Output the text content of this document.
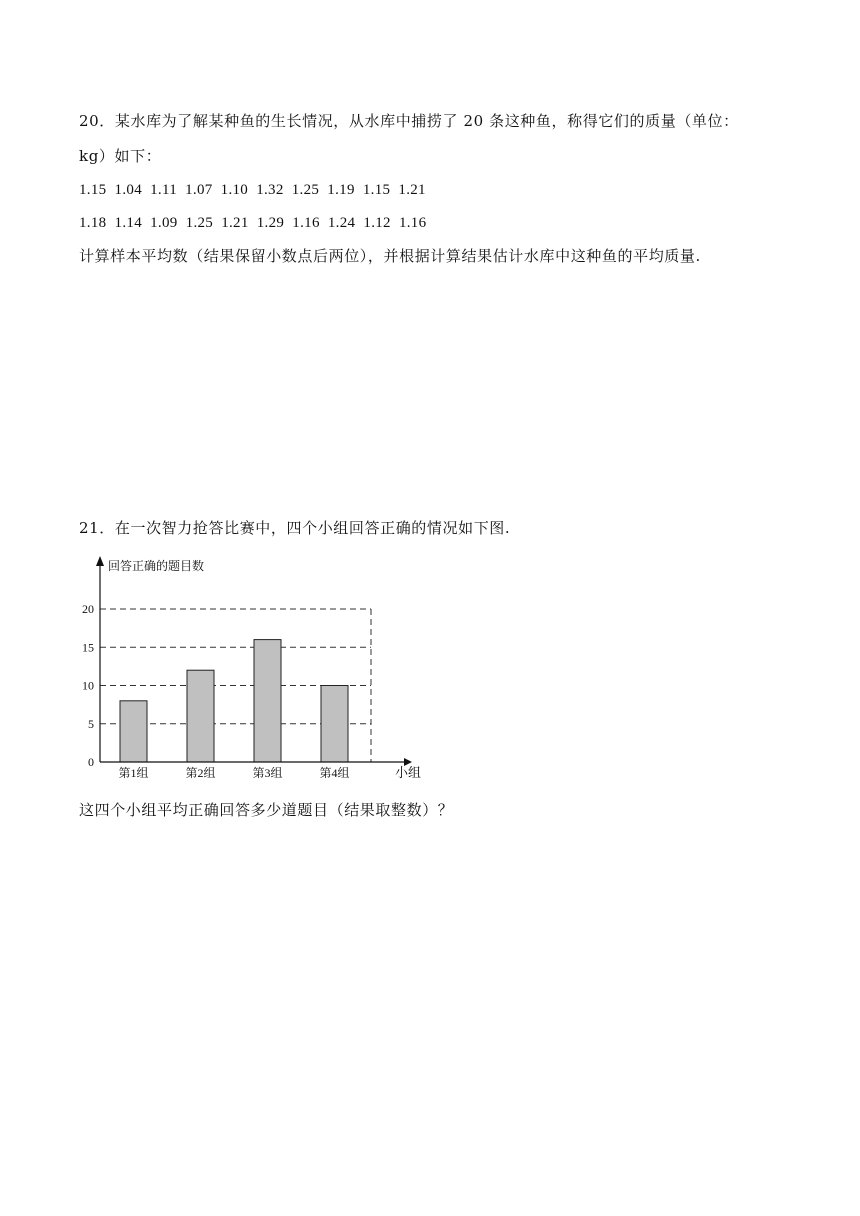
20．某水库为了解某种鱼的生长情况，从水库中捕捞了 20 条这种鱼，称得它们的质量（单位：
kg）如下：
1.15  1.04  1.11  1.07  1.10  1.32  1.25  1.19  1.15  1.21
1.18  1.14  1.09  1.25  1.21  1.29  1.16  1.24  1.12  1.16
计算样本平均数（结果保留小数点后两位），并根据计算结果估计水库中这种鱼的平均质量.
21．在一次智力抢答比赛中，四个小组回答正确的情况如下图.
0
5
10
15
20
第1组	第2组	第3组	第4组
回答正确的题目数
小组
这四个小组平均正确回答多少道题目（结果取整数）？
